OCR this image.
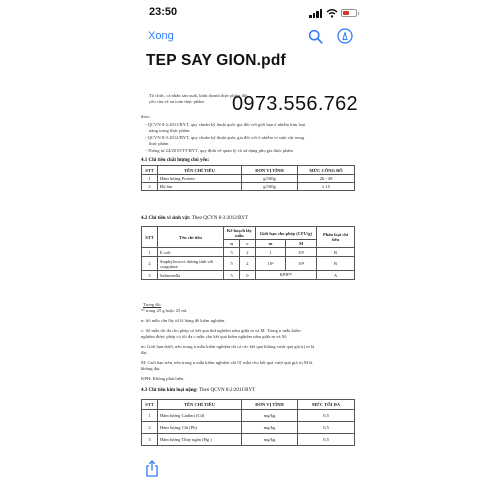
23:50
Xong
TEP SAY GION.pdf
0973.556.762
Tổ chức, cá nhân sản xuất, kinh doanh thực phẩm đặt yêu cầu về an toàn thực phẩm
theo:
- QCVN 8-2:2011/BYT, quy chuẩn kỹ thuật quốc gia đối với giới hạn ô nhiễm kim loại
nặng trong thực phẩm.
- QCVN 8-3:2012/BYT, quy chuẩn kỹ thuật quốc gia đối với ô nhiễm vi sinh vật trong
thực phẩm
- Thông tư 24/2019/TT-BYT, quy định về quản lý và sử dụng phụ gia thực phẩm
4.1 Chỉ tiêu chất lượng chủ yếu:
STT	TÊN CHỈ TIÊU	ĐƠN VỊ TÍNH	MỨC CÔNG BỐ
1	Hàm lượng Protein	g/100g	26 - 49
2	Độ ẩm	g/100g	≤ 15
4.2 Chỉ tiêu vi sinh vật: Theo QCVN 8-3:2012/BYT
STT	Tên chỉ tiêu	Kế hoạch lấy mẫu		Giới hạn cho phép (CFU/g)		Phân loại chỉ tiêu
		n	c	m	M	
1	E.coli	5	2	1	10¹	B
2	Staphylococci dương tính với coagulase	5	2	10²	10³	B
3	Salmonella	5	0	KPH⁽²⁾		A
Trong đó:
⁽²⁾ trong 25 g hoặc 25 ml.
n: Số mẫu cần lấy từ lô hàng để kiểm nghiệm.
c: Số mẫu tối đa cho phép có kết quả thử nghiệm nằm giữa m và M. Trong n mẫu kiểm
nghiệm được phép có tối đa c mẫu cho kết quả kiểm nghiệm nằm giữa m và M.
m: Giới hạn dưới, nếu trong n mẫu kiểm nghiệm tất cả các kết quả không vượt quá giá trị m là
đạt.
M: Giới hạn trên, nếu trong n mẫu kiểm nghiệm chỉ 01 mẫu cho kết quả vượt quá giá trị M là
không đạt.
KPH: Không phát hiện.
4.3 Chỉ tiêu kim loại nặng: Theo QCVN 8-2:2011/BYT
STT	TÊN CHỈ TIÊU	ĐƠN VỊ TÍNH	MỨC TỐI ĐA
1	Hàm lượng Cadimi (Cd)	mg/kg	0,5
2	Hàm lượng Chì (Pb)	mg/kg	0,5
3	Hàm lượng Thủy ngân (Hg )	mg/kg	0,5
